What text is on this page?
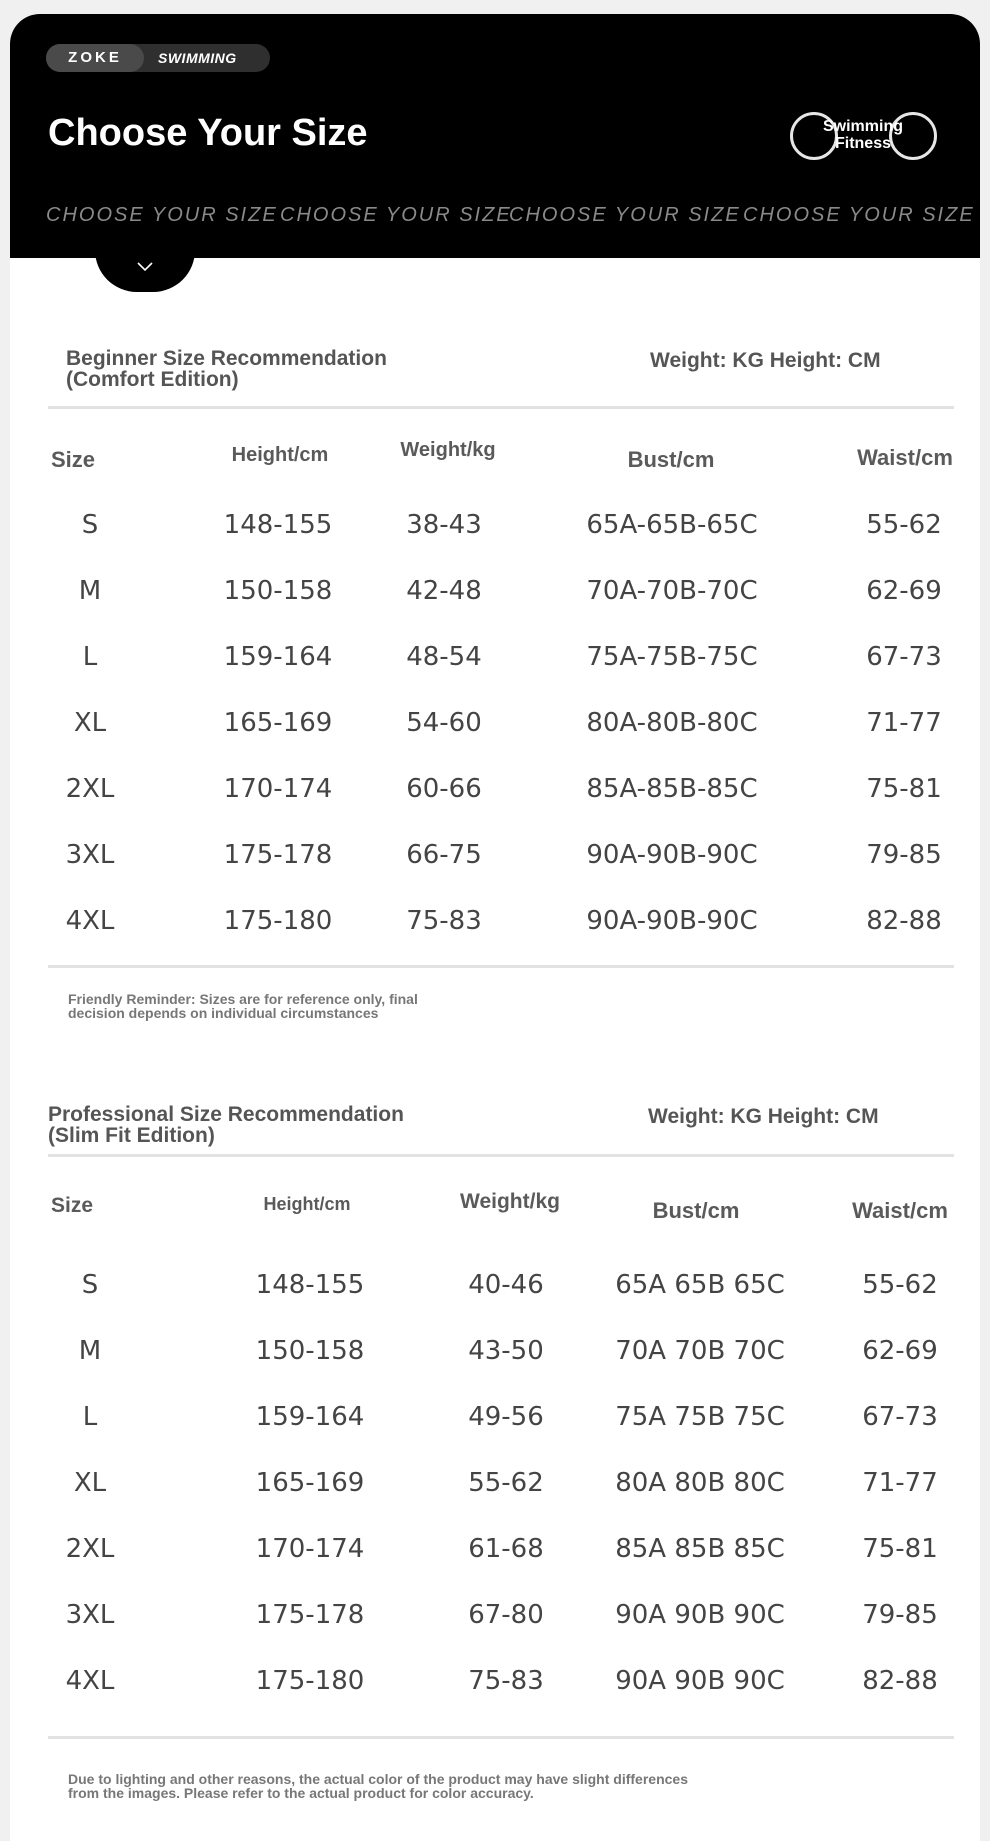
ZOKE	SWIMMING
Choose Your Size	Swimming
Fitness
CHOOSE YOUR SIZE CHOOSE YOUR SIZE
CHOOSE YOUR SIZE CHOOSE YOUR SIZE
Beginner Size Recommendation
(Comfort Edition)
Weight: KG Height: CM
Size	Height/cm	Weight/kg	Bust/cm	Waist/cm
S	148-155	38-43	65A-65B-65C	55-62
M	150-158	42-48	70A-70B-70C	62-69
L	159-164	48-54	75A-75B-75C	67-73
XL	165-169	54-60	80A-80B-80C	71-77
2XL	170-174	60-66	85A-85B-85C	75-81
3XL	175-178	66-75	90A-90B-90C	79-85
4XL	175-180	75-83	90A-90B-90C	82-88
Friendly Reminder: Sizes are for reference only, final
decision depends on individual circumstances
Professional Size Recommendation
(Slim Fit Edition)
Weight: KG Height: CM
Size	Height/cm	Weight/kg	Bust/cm	Waist/cm
S	148-155	40-46	65A 65B 65C	55-62
M	150-158	43-50	70A 70B 70C	62-69
L	159-164	49-56	75A 75B 75C	67-73
XL	165-169	55-62	80A 80B 80C	71-77
2XL	170-174	61-68	85A 85B 85C	75-81
3XL	175-178	67-80	90A 90B 90C	79-85
4XL	175-180	75-83	90A 90B 90C	82-88
Due to lighting and other reasons, the actual color of the product may have slight differences
from the images. Please refer to the actual product for color accuracy.
